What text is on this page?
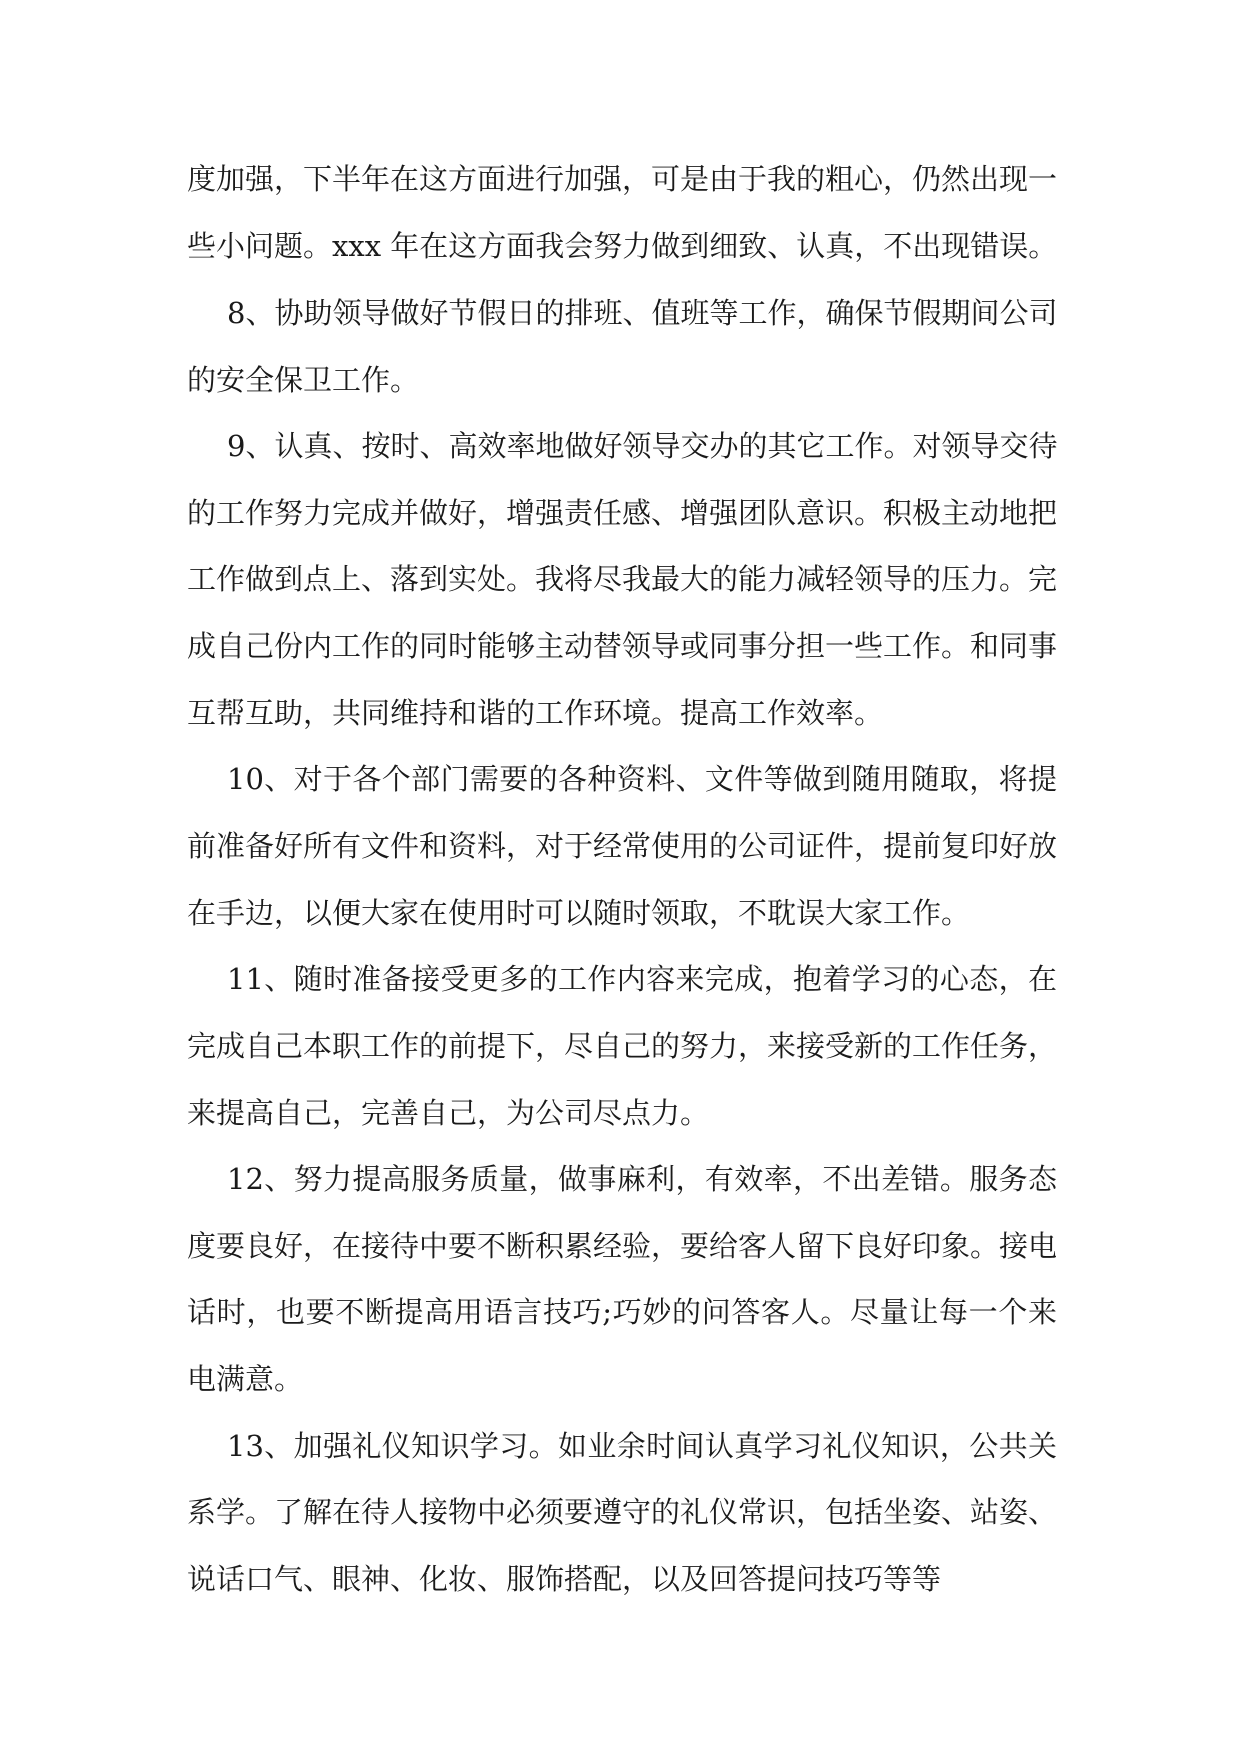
度加强，下半年在这方面进行加强，可是由于我的粗心，仍然出现一

些小问题。xxx 年在这方面我会努力做到细致、认真，不出现错误。

8、协助领导做好节假日的排班、值班等工作，确保节假期间公司

的安全保卫工作。

9、认真、按时、高效率地做好领导交办的其它工作。对领导交待

的工作努力完成并做好，增强责任感、增强团队意识。积极主动地把

工作做到点上、落到实处。我将尽我最大的能力减轻领导的压力。完

成自己份内工作的同时能够主动替领导或同事分担一些工作。和同事

互帮互助，共同维持和谐的工作环境。提高工作效率。

10、对于各个部门需要的各种资料、文件等做到随用随取，将提

前准备好所有文件和资料，对于经常使用的公司证件，提前复印好放

在手边，以便大家在使用时可以随时领取，不耽误大家工作。

11、随时准备接受更多的工作内容来完成，抱着学习的心态，在

完成自己本职工作的前提下，尽自己的努力，来接受新的工作任务，

来提高自己，完善自己，为公司尽点力。

12、努力提高服务质量，做事麻利，有效率，不出差错。服务态

度要良好，在接待中要不断积累经验，要给客人留下良好印象。接电

话时，也要不断提高用语言技巧;巧妙的问答客人。尽量让每一个来

电满意。

13、加强礼仪知识学习。如业余时间认真学习礼仪知识，公共关

系学。了解在待人接物中必须要遵守的礼仪常识，包括坐姿、站姿、

说话口气、眼神、化妆、服饰搭配，以及回答提问技巧等等
